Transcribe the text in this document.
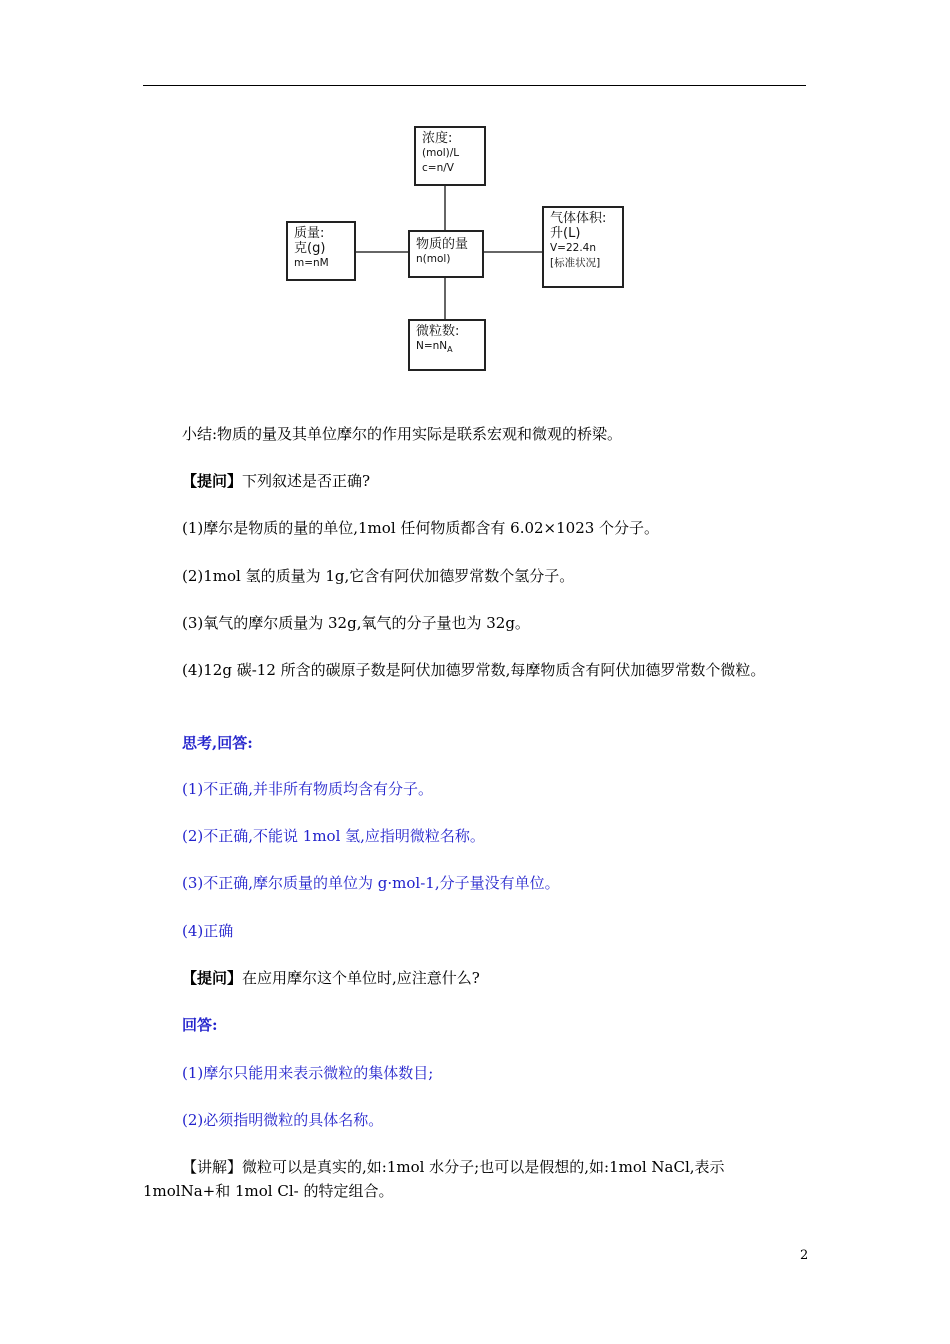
浓度:
(mol)/L
c=n/V
质量:
克(g)
m=nM
物质的量
n(mol)
气体体积:
升(L)
V=22.4n
[标准状况]
微粒数:
$N=nN_A$
小结:物质的量及其单位摩尔的作用实际是联系宏观和微观的桥梁。
【提问】下列叙述是否正确?
(1)摩尔是物质的量的单位,1mol 任何物质都含有 6.02×1023 个分子。
(2)1mol 氢的质量为 1g,它含有阿伏加德罗常数个氢分子。
(3)氧气的摩尔质量为 32g,氧气的分子量也为 32g。
(4)12g 碳-12 所含的碳原子数是阿伏加德罗常数,每摩物质含有阿伏加德罗常数个微粒。
思考,回答:
(1)不正确,并非所有物质均含有分子。
(2)不正确,不能说 1mol 氢,应指明微粒名称。
(3)不正确,摩尔质量的单位为 g·mol-1,分子量没有单位。
(4)正确
【提问】在应用摩尔这个单位时,应注意什么?
回答:
(1)摩尔只能用来表示微粒的集体数目;
(2)必须指明微粒的具体名称。
【讲解】微粒可以是真实的,如:1mol 水分子;也可以是假想的,如:1mol NaCl,表示 1molNa+和 1mol Cl- 的特定组合。
2
